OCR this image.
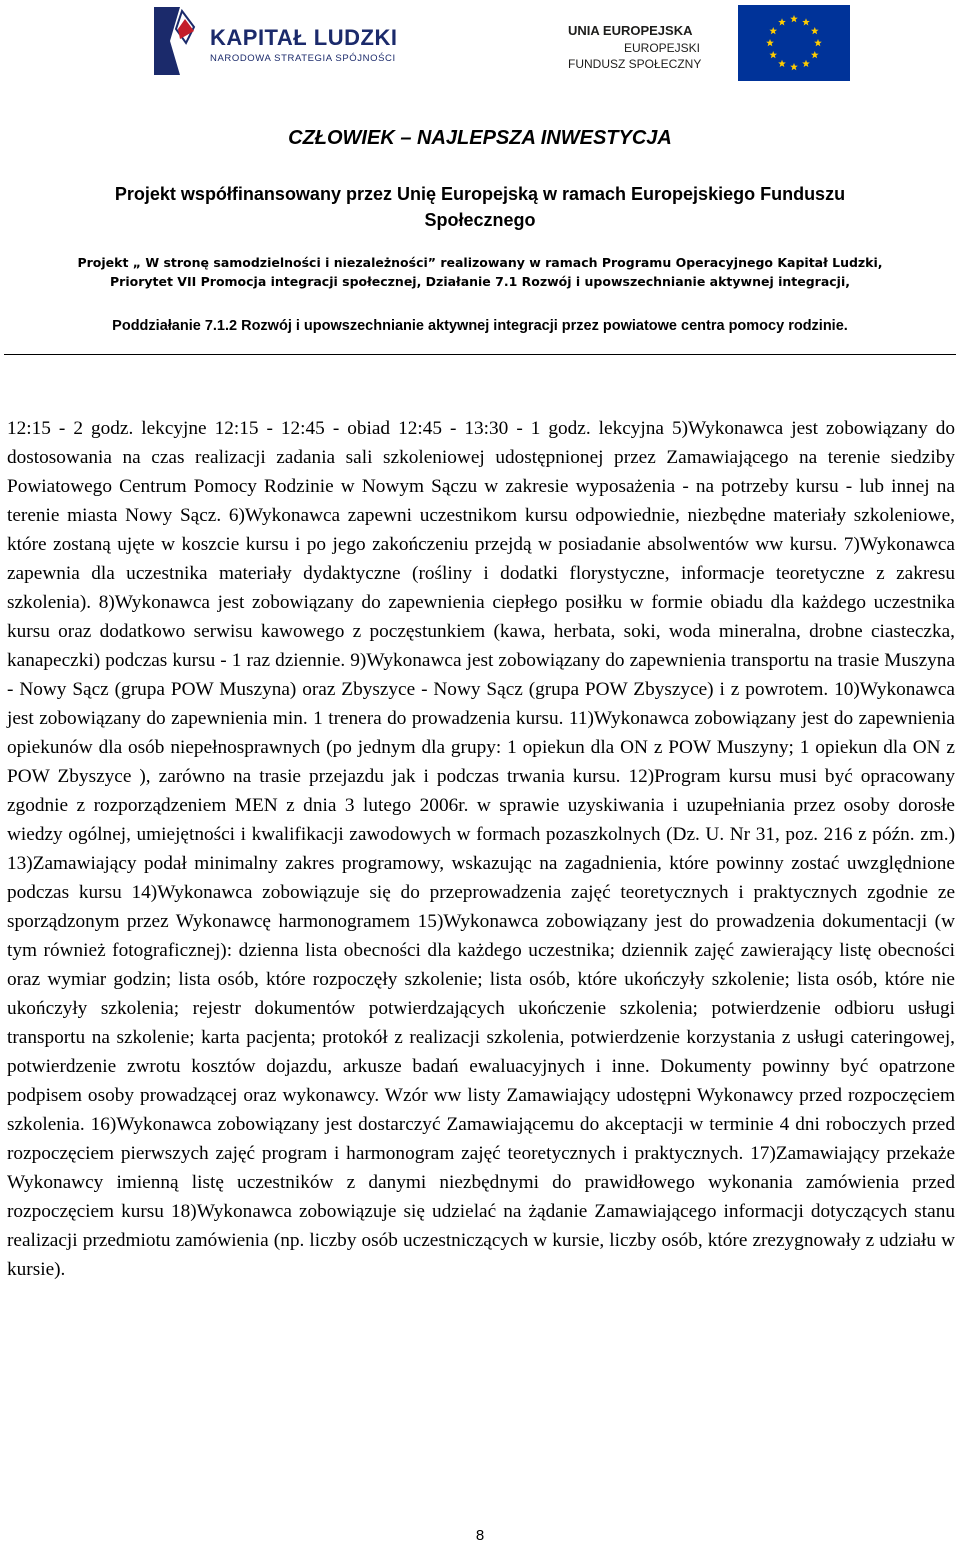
KAPITAŁ LUDZKI
NARODOWA STRATEGIA SPÓJNOŚCI
UNIA EUROPEJSKA
EUROPEJSKI
FUNDUSZ SPOŁECZNY
CZŁOWIEK – NAJLEPSZA INWESTYCJA
Projekt współfinansowany przez Unię Europejską w ramach Europejskiego Funduszu
Społecznego
Projekt „ W stronę samodzielności i niezależności” realizowany w ramach Programu Operacyjnego Kapitał Ludzki,
Priorytet VII Promocja integracji społecznej, Działanie 7.1 Rozwój i upowszechnianie aktywnej integracji,
Poddziałanie 7.1.2 Rozwój i upowszechnianie aktywnej integracji przez powiatowe centra pomocy rodzinie.

12:15 - 2 godz. lekcyjne 12:15 - 12:45 - obiad 12:45 - 13:30 - 1 godz. lekcyjna 5)Wykonawca jest zobowiązany do dostosowania na czas realizacji zadania sali szkoleniowej udostępnionej przez Zamawiającego na terenie siedziby Powiatowego Centrum Pomocy Rodzinie w Nowym Sączu w zakresie wyposażenia - na potrzeby kursu - lub innej na terenie miasta Nowy Sącz. 6)Wykonawca zapewni uczestnikom kursu odpowiednie, niezbędne materiały szkoleniowe, które zostaną ujęte w koszcie kursu i po jego zakończeniu przejdą w posiadanie absolwentów ww kursu. 7)Wykonawca zapewnia dla uczestnika materiały dydaktyczne (rośliny i dodatki florystyczne, informacje teoretyczne z zakresu szkolenia). 8)Wykonawca jest zobowiązany do zapewnienia ciepłego posiłku w formie obiadu dla każdego uczestnika kursu oraz dodatkowo serwisu kawowego z poczęstunkiem (kawa, herbata, soki, woda mineralna, drobne ciasteczka, kanapeczki) podczas kursu - 1 raz dziennie. 9)Wykonawca jest zobowiązany do zapewnienia transportu na trasie Muszyna - Nowy Sącz (grupa POW Muszyna) oraz Zbyszyce - Nowy Sącz (grupa POW Zbyszyce) i z powrotem. 10)Wykonawca jest zobowiązany do zapewnienia min. 1 trenera do prowadzenia kursu. 11)Wykonawca zobowiązany jest do zapewnienia opiekunów dla osób niepełnosprawnych (po jednym dla grupy: 1 opiekun dla ON z POW Muszyny; 1 opiekun dla ON z POW Zbyszyce ), zarówno na trasie przejazdu jak i podczas trwania kursu. 12)Program kursu musi być opracowany zgodnie z rozporządzeniem MEN z dnia 3 lutego 2006r. w sprawie uzyskiwania i uzupełniania przez osoby dorosłe wiedzy ogólnej, umiejętności i kwalifikacji zawodowych w formach pozaszkolnych (Dz. U. Nr 31, poz. 216 z późn. zm.) 13)Zamawiający podał minimalny zakres programowy, wskazując na zagadnienia, które powinny zostać uwzględnione podczas kursu 14)Wykonawca zobowiązuje się do przeprowadzenia zajęć teoretycznych i praktycznych zgodnie ze sporządzonym przez Wykonawcę harmonogramem 15)Wykonawca zobowiązany jest do prowadzenia dokumentacji (w tym również fotograficznej): dzienna lista obecności dla każdego uczestnika; dziennik zajęć zawierający listę obecności oraz wymiar godzin; lista osób, które rozpoczęły szkolenie; lista osób, które ukończyły szkolenie; lista osób, które nie ukończyły szkolenia; rejestr dokumentów potwierdzających ukończenie szkolenia; potwierdzenie odbioru usługi transportu na szkolenie; karta pacjenta; protokół z realizacji szkolenia, potwierdzenie korzystania z usługi cateringowej, potwierdzenie zwrotu kosztów dojazdu, arkusze badań ewaluacyjnych i inne. Dokumenty powinny być opatrzone podpisem osoby prowadzącej oraz wykonawcy. Wzór ww listy Zamawiający udostępni Wykonawcy przed rozpoczęciem szkolenia. 16)Wykonawca zobowiązany jest dostarczyć Zamawiającemu do akceptacji w terminie 4 dni roboczych przed rozpoczęciem pierwszych zajęć program i harmonogram zajęć teoretycznych i praktycznych. 17)Zamawiający przekaże Wykonawcy imienną listę uczestników z danymi niezbędnymi do prawidłowego wykonania zamówienia przed rozpoczęciem kursu 18)Wykonawca zobowiązuje się udzielać na żądanie Zamawiającego informacji dotyczących stanu realizacji przedmiotu zamówienia (np. liczby osób uczestniczących w kursie, liczby osób, które zrezygnowały z udziału w kursie).

8
